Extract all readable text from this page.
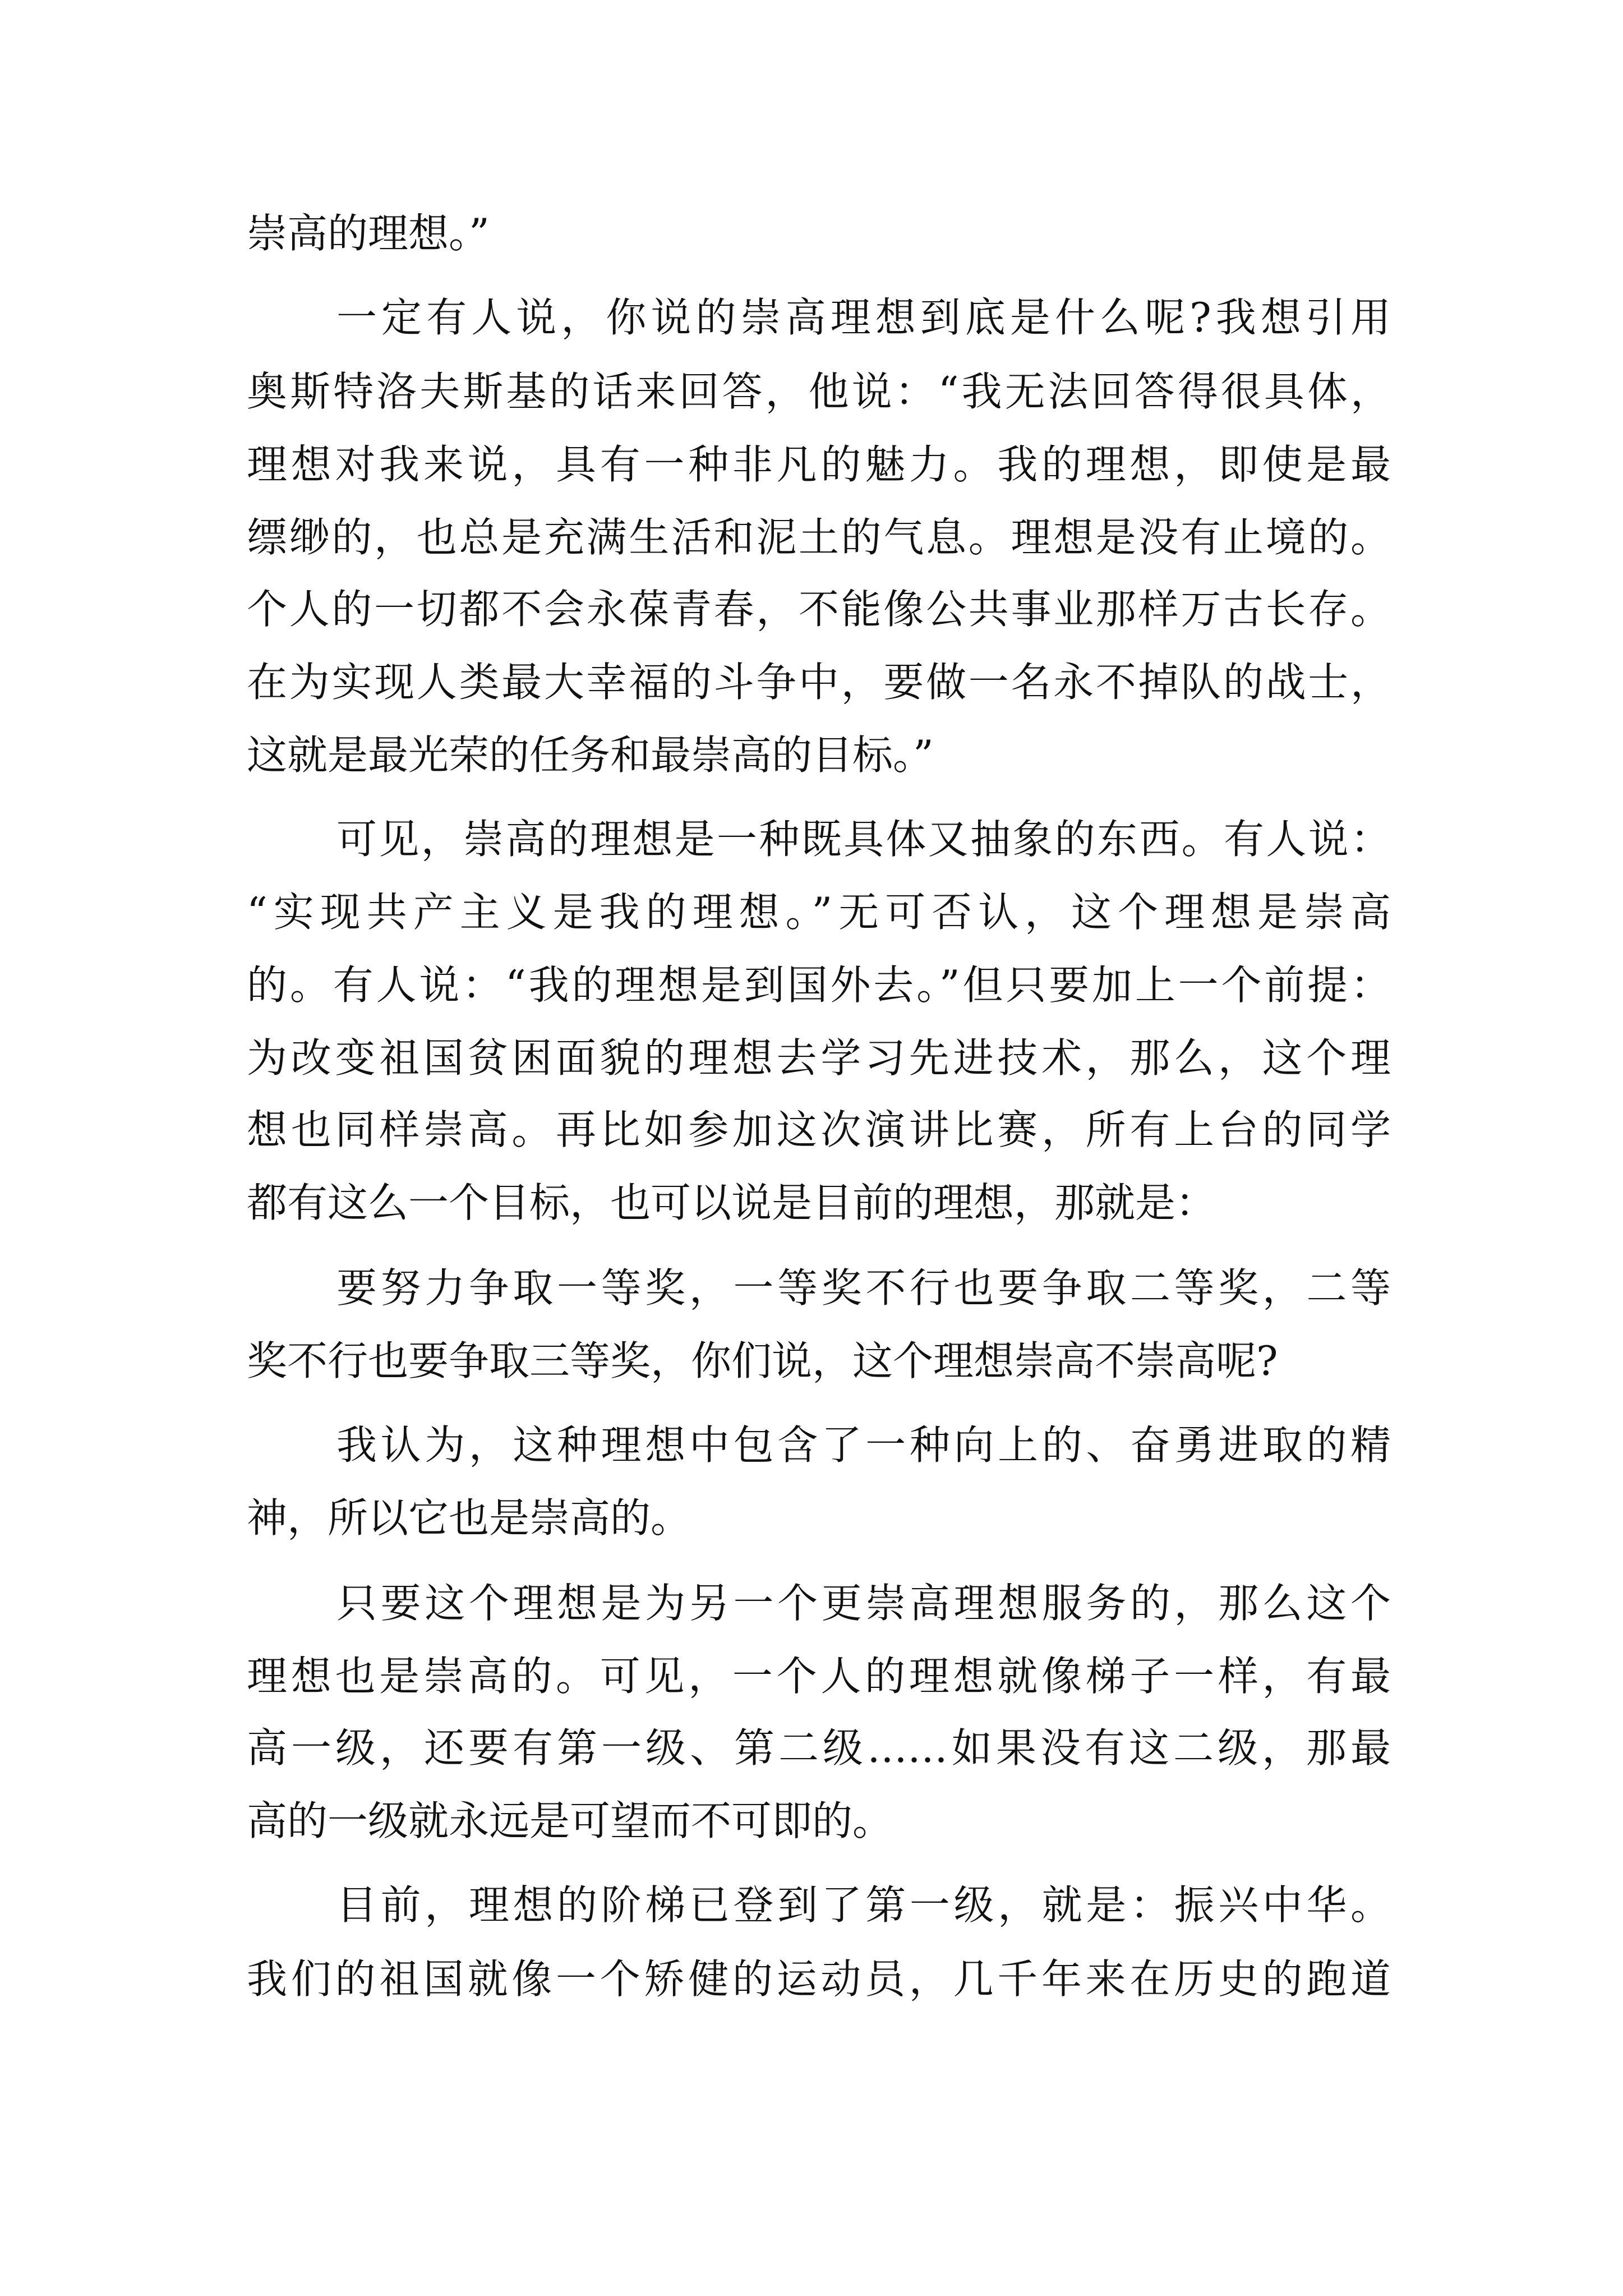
崇高的理想。”
一定有人说，你说的崇高理想到底是什么呢?我想引用
奥斯特洛夫斯基的话来回答，他说：“我无法回答得很具体，
理想对我来说，具有一种非凡的魅力。我的理想，即使是最
缥缈的，也总是充满生活和泥土的气息。理想是没有止境的。
个人的一切都不会永葆青春，不能像公共事业那样万古长存。
在为实现人类最大幸福的斗争中，要做一名永不掉队的战士，
这就是最光荣的任务和最崇高的目标。”
可见，崇高的理想是一种既具体又抽象的东西。有人说：
“实现共产主义是我的理想。”无可否认，这个理想是崇高
的。有人说：“我的理想是到国外去。”但只要加上一个前提：
为改变祖国贫困面貌的理想去学习先进技术，那么，这个理
想也同样崇高。再比如参加这次演讲比赛，所有上台的同学
都有这么一个目标，也可以说是目前的理想，那就是：
要努力争取一等奖，一等奖不行也要争取二等奖，二等
奖不行也要争取三等奖，你们说，这个理想崇高不崇高呢?
我认为，这种理想中包含了一种向上的、奋勇进取的精
神，所以它也是崇高的。
只要这个理想是为另一个更崇高理想服务的，那么这个
理想也是崇高的。可见，一个人的理想就像梯子一样，有最
高一级，还要有第一级、第二级……如果没有这二级，那最
高的一级就永远是可望而不可即的。
目前，理想的阶梯已登到了第一级，就是：振兴中华。
我们的祖国就像一个矫健的运动员，几千年来在历史的跑道
